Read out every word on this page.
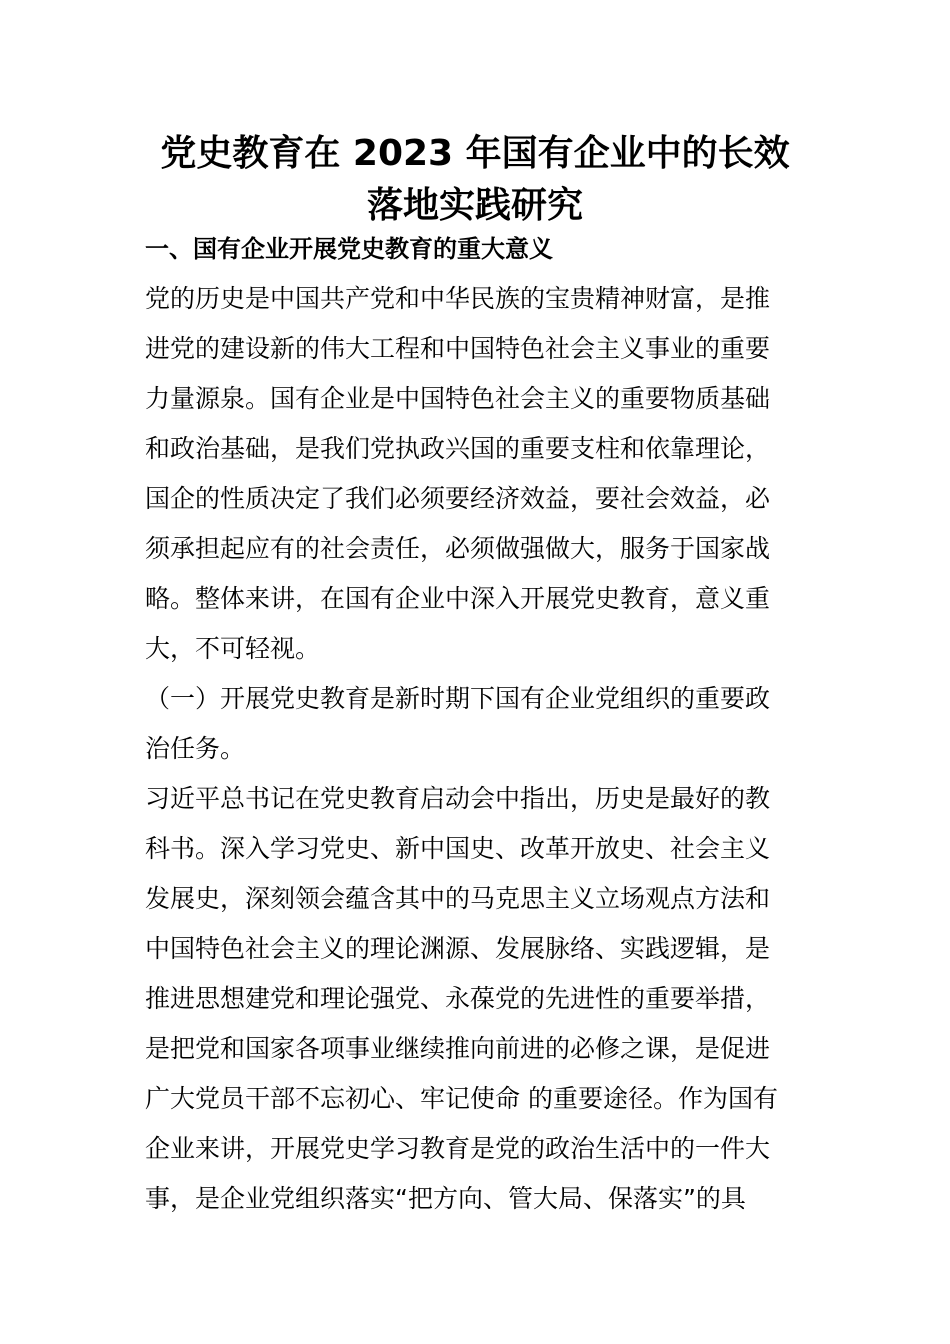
党史教育在 2023 年国有企业中的长效
落地实践研究
一、国有企业开展党史教育的重大意义
党的历史是中国共产党和中华民族的宝贵精神财富，是推
进党的建设新的伟大工程和中国特色社会主义事业的重要
力量源泉。国有企业是中国特色社会主义的重要物质基础
和政治基础，是我们党执政兴国的重要支柱和依靠理论，
国企的性质决定了我们必须要经济效益，要社会效益，必
须承担起应有的社会责任，必须做强做大，服务于国家战
略。整体来讲，在国有企业中深入开展党史教育，意义重
大，不可轻视。
（一）开展党史教育是新时期下国有企业党组织的重要政
治任务。
习近平总书记在党史教育启动会中指出，历史是最好的教
科书。深入学习党史、新中国史、改革开放史、社会主义
发展史，深刻领会蕴含其中的马克思主义立场观点方法和
中国特色社会主义的理论渊源、发展脉络、实践逻辑，是
推进思想建党和理论强党、永葆党的先进性的重要举措，
是把党和国家各项事业继续推向前进的必修之课，是促进
广大党员干部不忘初心、牢记使命 的重要途径。作为国有
企业来讲，开展党史学习教育是党的政治生活中的一件大
事，是企业党组织落实“把方向、管大局、保落实”的具
